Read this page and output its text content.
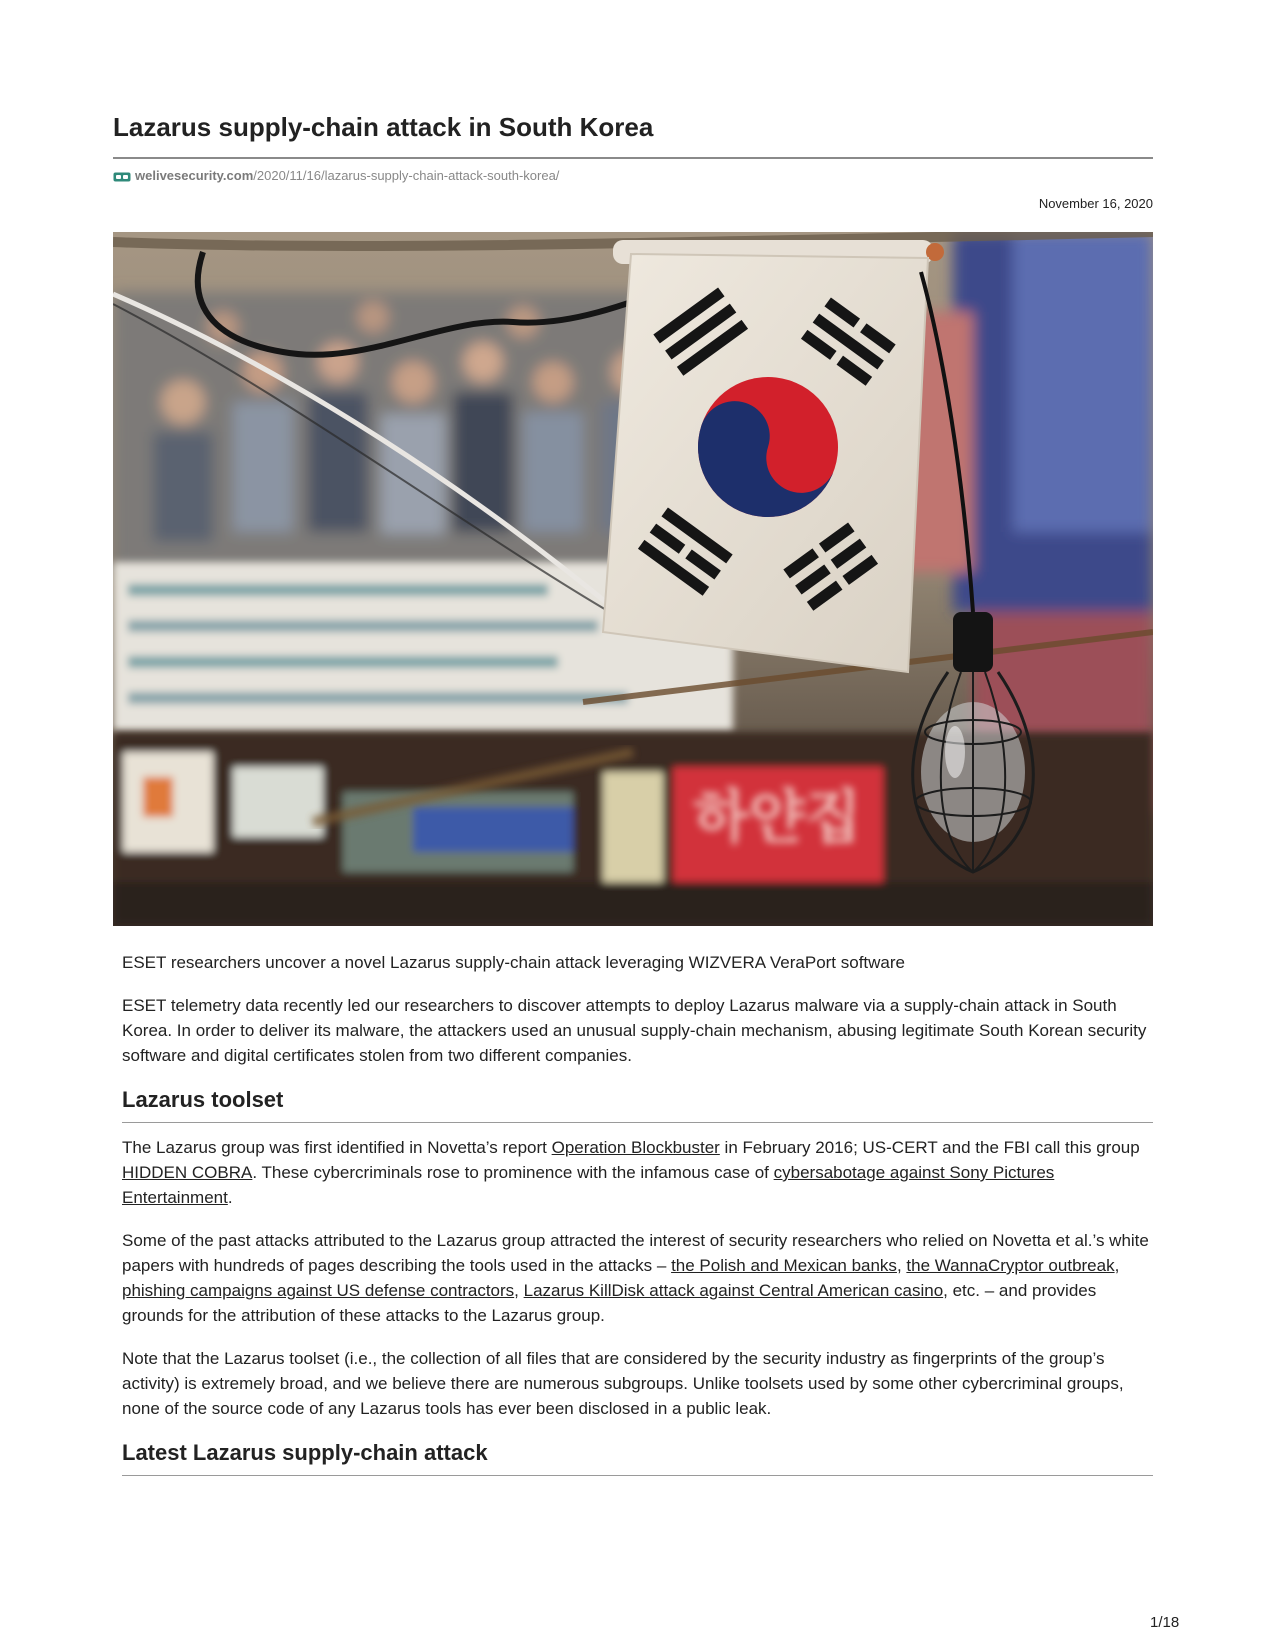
Lazarus supply-chain attack in South Korea
welivesecurity.com/2020/11/16/lazarus-supply-chain-attack-south-korea/
November 16, 2020
하얀집

ESET researchers uncover a novel Lazarus supply-chain attack leveraging WIZVERA VeraPort software

ESET telemetry data recently led our researchers to discover attempts to deploy Lazarus malware via a supply-chain attack in South Korea. In order to deliver its malware, the attackers used an unusual supply-chain mechanism, abusing legitimate South Korean security software and digital certificates stolen from two different companies.

Lazarus toolset

The Lazarus group was first identified in Novetta’s report Operation Blockbuster in February 2016; US-CERT and the FBI call this group HIDDEN COBRA. These cybercriminals rose to prominence with the infamous case of cybersabotage against Sony Pictures Entertainment.

Some of the past attacks attributed to the Lazarus group attracted the interest of security researchers who relied on Novetta et al.’s white papers with hundreds of pages describing the tools used in the attacks – the Polish and Mexican banks, the WannaCryptor outbreak, phishing campaigns against US defense contractors, Lazarus KillDisk attack against Central American casino, etc. – and provides grounds for the attribution of these attacks to the Lazarus group.

Note that the Lazarus toolset (i.e., the collection of all files that are considered by the security industry as fingerprints of the group’s activity) is extremely broad, and we believe there are numerous subgroups. Unlike toolsets used by some other cybercriminal groups, none of the source code of any Lazarus tools has ever been disclosed in a public leak.

Latest Lazarus supply-chain attack
1/18
